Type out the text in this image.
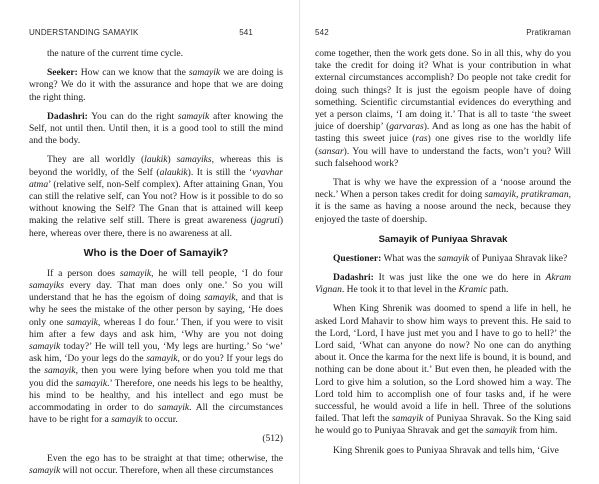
UNDERSTANDING SAMAYIK	541

the nature of the current time cycle.

Seeker: How can we know that the samayik we are doing is wrong? We do it with the assurance and hope that we are doing the right thing.

Dadashri: You can do the right samayik after knowing the Self, not until then. Until then, it is a good tool to still the mind and the body.

They are all worldly (laukik) samayiks, whereas this is beyond the worldly, of the Self (alaukik). It is still the ‘vyavhar atma’ (relative self, non-Self complex). After attaining Gnan, You can still the relative self, can You not? How is it possible to do so without knowing the Self? The Gnan that is attained will keep making the relative self still. There is great awareness (jagruti) here, whereas over there, there is no awareness at all.

Who is the Doer of Samayik?

If a person does samayik, he will tell people, ‘I do four samayiks every day. That man does only one.’ So you will understand that he has the egoism of doing samayik, and that is why he sees the mistake of the other person by saying, ‘He does only one samayik, whereas I do four.’ Then, if you were to visit him after a few days and ask him, ‘Why are you not doing samayik today?’ He will tell you, ‘My legs are hurting.’ So ‘we’ ask him, ‘Do your legs do the samayik, or do you? If your legs do the samayik, then you were lying before when you told me that you did the samayik.’ Therefore, one needs his legs to be healthy, his mind to be healthy, and his intellect and ego must be accommodating in order to do samayik. All the circumstances have to be right for a samayik to occur.

(512)

Even the ego has to be straight at that time; otherwise, the samayik will not occur. Therefore, when all these circumstances

542	Pratikraman

come together, then the work gets done. So in all this, why do you take the credit for doing it? What is your contribution in what external circumstances accomplish? Do people not take credit for doing such things? It is just the egoism people have of doing something. Scientific circumstantial evidences do everything and yet a person claims, ‘I am doing it.’ That is all to taste ‘the sweet juice of doership’ (garvaras). And as long as one has the habit of tasting this sweet juice (ras) one gives rise to the worldly life (sansar). You will have to understand the facts, won’t you? Will such falsehood work?

That is why we have the expression of a ‘noose around the neck.’ When a person takes credit for doing samayik, pratikraman, it is the same as having a noose around the neck, because they enjoyed the taste of doership.

Samayik of Puniyaa Shravak

Questioner: What was the samayik of Puniyaa Shravak like?

Dadashri: It was just like the one we do here in Akram Vignan. He took it to that level in the Kramic path.

When King Shrenik was doomed to spend a life in hell, he asked Lord Mahavir to show him ways to prevent this. He said to the Lord, ‘Lord, I have just met you and I have to go to hell?’ the Lord said, ‘What can anyone do now? No one can do anything about it. Once the karma for the next life is bound, it is bound, and nothing can be done about it.’ But even then, he pleaded with the Lord to give him a solution, so the Lord showed him a way. The Lord told him to accomplish one of four tasks and, if he were successful, he would avoid a life in hell. Three of the solutions failed. That left the samayik of Puniyaa Shravak. So the King said he would go to Puniyaa Shravak and get the samayik from him.

King Shrenik goes to Puniyaa Shravak and tells him, ‘Give
